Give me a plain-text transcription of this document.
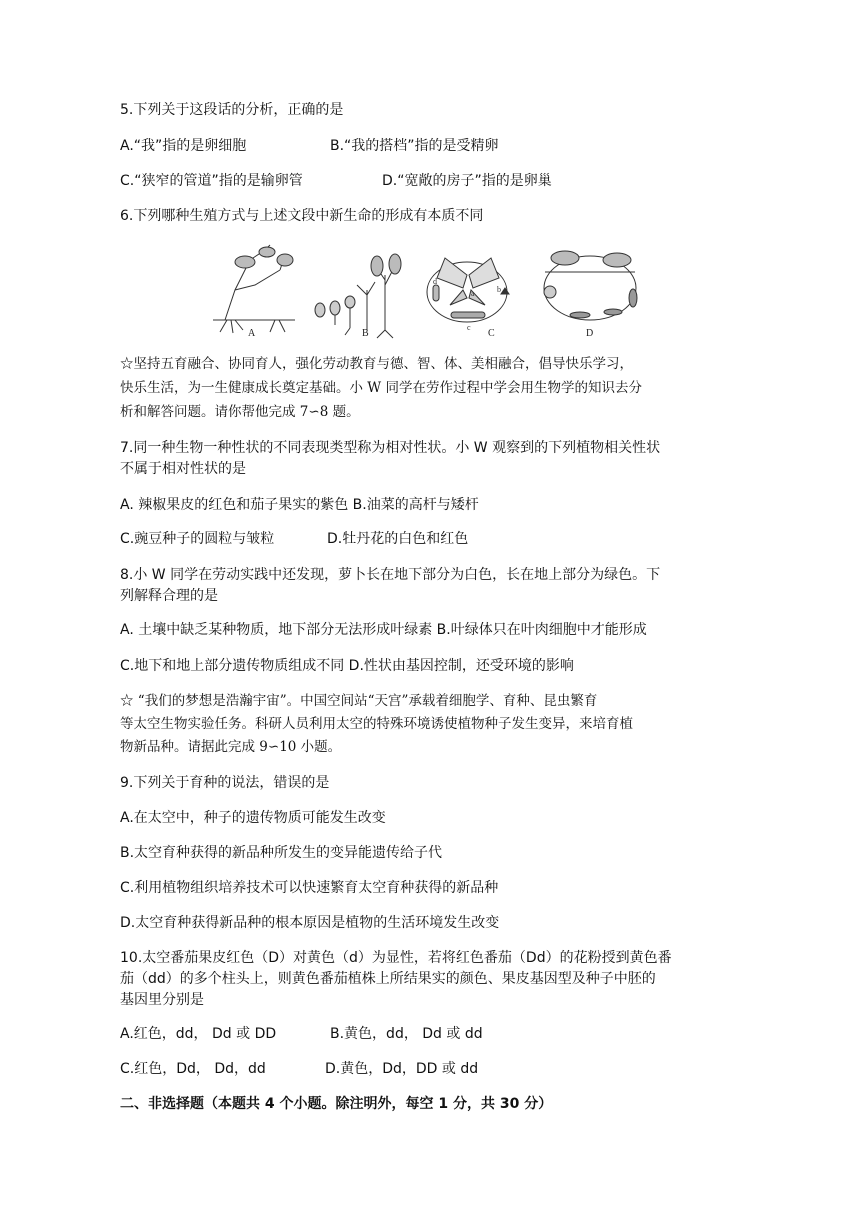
5.下列关于这段话的分析，正确的是
A.“我”指的是卵细胞	B.“我的搭档”指的是受精卵
C.“狭窄的管道”指的是输卵管	D.“宽敞的房子”指的是卵巢
6.下列哪种生殖方式与上述文段中新生命的形成有本质不同
d
a	b
c
A	B	C	D
☆坚持五育融合、协同育人，强化劳动教育与德、智、体、美相融合，倡导快乐学习，
快乐生活，为一生健康成长奠定基础。小 W 同学在劳作过程中学会用生物学的知识去分
析和解答问题。请你帮他完成 7∽8 题。
7.同一种生物一种性状的不同表现类型称为相对性状。小 W 观察到的下列植物相关性状
不属于相对性状的是
A. 辣椒果皮的红色和茄子果实的紫色 B.油菜的高杆与矮杆
C.豌豆种子的圆粒与皱粒	D.牡丹花的白色和红色
8.小 W 同学在劳动实践中还发现，萝卜长在地下部分为白色，长在地上部分为绿色。下
列解释合理的是
A. 土壤中缺乏某种物质，地下部分无法形成叶绿素 B.叶绿体只在叶肉细胞中才能形成
C.地下和地上部分遗传物质组成不同 D.性状由基因控制，还受环境的影响
☆ “我们的梦想是浩瀚宇宙”。中国空间站“天宫”承载着细胞学、育种、昆虫繁育
等太空生物实验任务。科研人员利用太空的特殊环境诱使植物种子发生变异，来培育植
物新品种。请据此完成 9∽10 小题。
9.下列关于育种的说法，错误的是
A.在太空中，种子的遗传物质可能发生改变
B.太空育种获得的新品种所发生的变异能遗传给子代
C.利用植物组织培养技术可以快速繁育太空育种获得的新品种
D.太空育种获得新品种的根本原因是植物的生活环境发生改变
10.太空番茄果皮红色（D）对黄色（d）为显性，若将红色番茄（Dd）的花粉授到黄色番
茄（dd）的多个柱头上，则黄色番茄植株上所结果实的颜色、果皮基因型及种子中胚的
基因里分别是
A.红色，dd， Dd 或 DD	B.黄色，dd， Dd 或 dd
C.红色，Dd， Dd，dd	D.黄色，Dd，DD 或 dd
二、非选择题（本题共 4 个小题。除注明外，每空 1 分，共 30 分）
